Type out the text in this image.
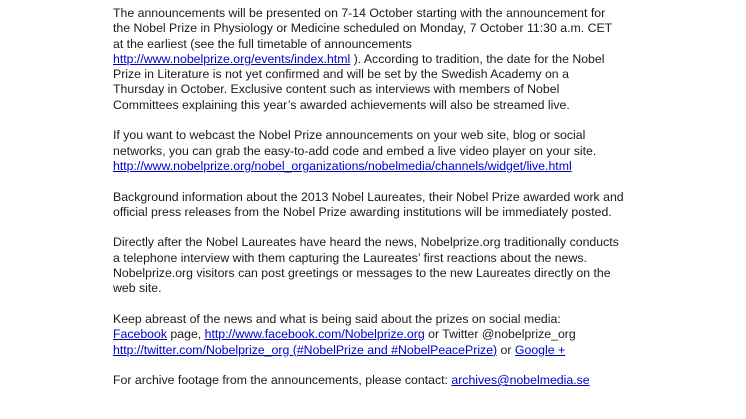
The announcements will be presented on 7-14 October starting with the announcement for
the Nobel Prize in Physiology or Medicine scheduled on Monday, 7 October 11:30 a.m. CET
at the earliest (see the full timetable of announcements
http://www.nobelprize.org/events/index.html ). According to tradition, the date for the Nobel
Prize in Literature is not yet confirmed and will be set by the Swedish Academy on a
Thursday in October. Exclusive content such as interviews with members of Nobel
Committees explaining this year’s awarded achievements will also be streamed live.

If you want to webcast the Nobel Prize announcements on your web site, blog or social
networks, you can grab the easy-to-add code and embed a live video player on your site.
http://www.nobelprize.org/nobel_organizations/nobelmedia/channels/widget/live.html

Background information about the 2013 Nobel Laureates, their Nobel Prize awarded work and
official press releases from the Nobel Prize awarding institutions will be immediately posted.

Directly after the Nobel Laureates have heard the news, Nobelprize.org traditionally conducts
a telephone interview with them capturing the Laureates’ first reactions about the news.
Nobelprize.org visitors can post greetings or messages to the new Laureates directly on the
web site.

Keep abreast of the news and what is being said about the prizes on social media:
Facebook page, http://www.facebook.com/Nobelprize.org or Twitter @nobelprize_org
http://twitter.com/Nobelprize_org (#NobelPrize and #NobelPeacePrize) or Google +

For archive footage from the announcements, please contact: archives@nobelmedia.se
